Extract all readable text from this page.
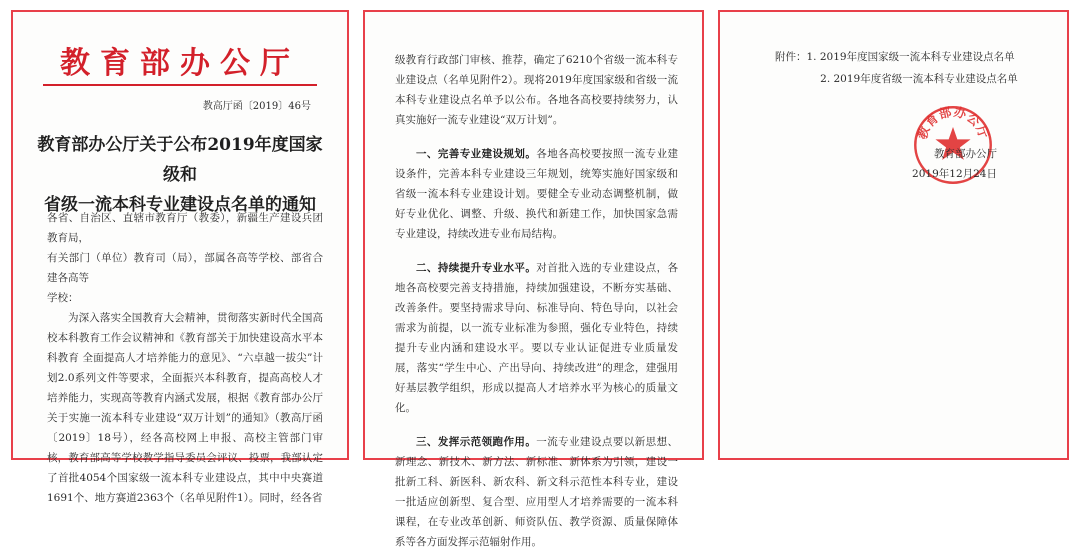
教育部办公厅
教高厅函〔2019〕46号
教育部办公厅关于公布2019年度国家级和
省级一流本科专业建设点名单的通知

各省、自治区、直辖市教育厅（教委），新疆生产建设兵团教育局，

有关部门（单位）教育司（局），部属各高等学校、部省合建各高等

学校：

为深入落实全国教育大会精神，贯彻落实新时代全国高校本科教育工作会议精神和《教育部关于加快建设高水平本科教育 全面提高人才培养能力的意见》、“六卓越一拔尖”计划2.0系列文件等要求，全面振兴本科教育，提高高校人才培养能力，实现高等教育内涵式发展，根据《教育部办公厅关于实施一流本科专业建设“双万计划”的通知》（教高厅函〔2019〕18号），经各高校网上申报、高校主管部门审核，教育部高等学校教学指导委员会评议、投票，我部认定了首批4054个国家级一流本科专业建设点，其中中央赛道1691个、地方赛道2363个（名单见附件1）。同时，经各省

级教育行政部门审核、推荐，确定了6210个省级一流本科专业建设点（名单见附件2）。现将2019年度国家级和省级一流本科专业建设点名单予以公布。各地各高校要持续努力，认真实施好一流专业建设“双万计划”。

一、完善专业建设规划。各地各高校要按照一流专业建设条件，完善本科专业建设三年规划，统筹实施好国家级和省级一流本科专业建设计划。要健全专业动态调整机制，做好专业优化、调整、升级、换代和新建工作，加快国家急需专业建设，持续改进专业布局结构。

二、持续提升专业水平。对首批入选的专业建设点，各地各高校要完善支持措施，持续加强建设，不断夯实基础、改善条件。要坚持需求导向、标准导向、特色导向，以社会需求为前提，以一流专业标准为参照，强化专业特色，持续提升专业内涵和建设水平。要以专业认证促进专业质量发展，落实“学生中心、产出导向、持续改进”的理念，建强用好基层教学组织，形成以提高人才培养水平为核心的质量文化。

三、发挥示范领跑作用。一流专业建设点要以新思想、新理念、新技术、新方法、新标准、新体系为引领，建设一批新工科、新医科、新农科、新文科示范性本科专业，建设一批适应创新型、复合型、应用型人才培养需要的一流本科课程，在专业改革创新、师资队伍、教学资源、质量保障体系等各方面发挥示范辐射作用。

附件：1. 2019年度国家级一流本科专业建设点名单

2. 2019年度省级一流本科专业建设点名单

教育部办公厅
教育部办公厅
2019年12月24日
